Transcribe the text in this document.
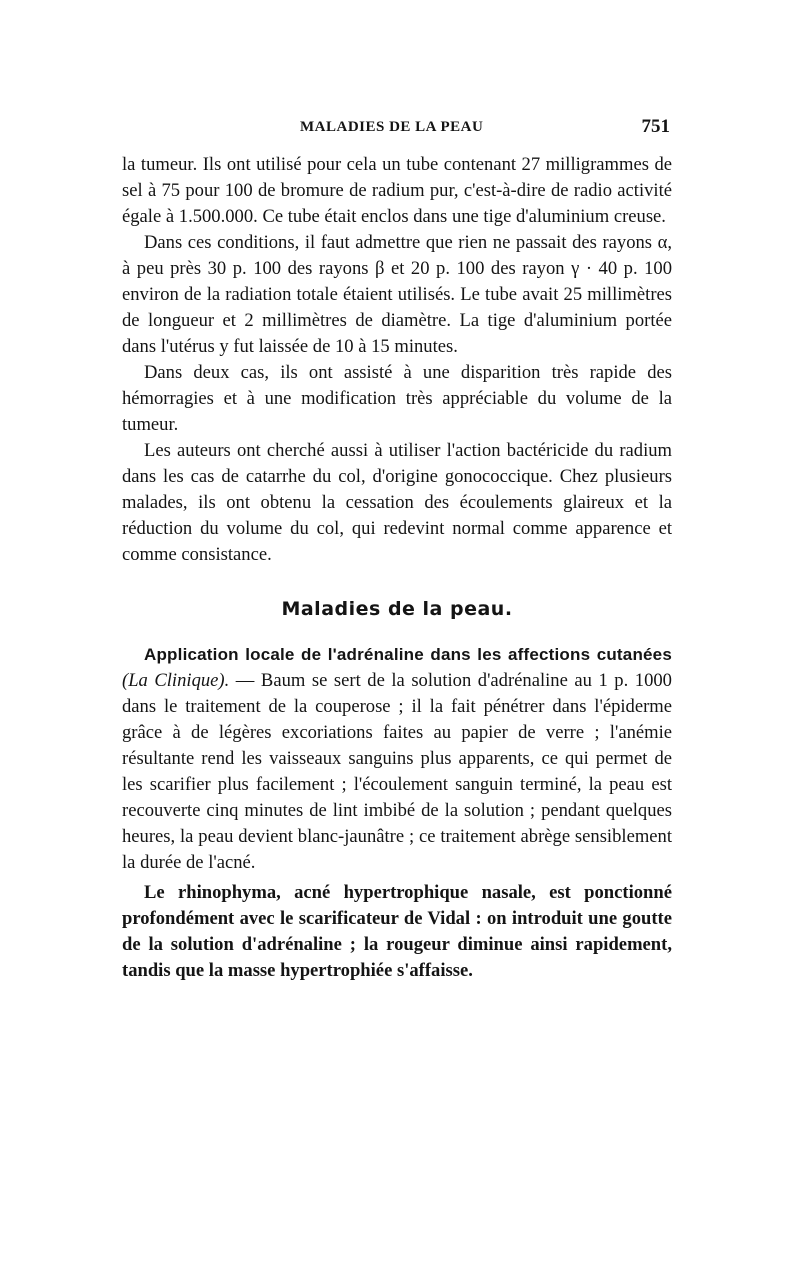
MALADIES DE LA PEAU	751

la tumeur. Ils ont utilisé pour cela un tube contenant 27 milligrammes de sel à 75 pour 100 de bromure de radium pur, c'est-à-dire de radio activité égale à 1.500.000. Ce tube était enclos dans une tige d'aluminium creuse.

Dans ces conditions, il faut admettre que rien ne passait des rayons α, à peu près 30 p. 100 des rayons β et 20 p. 100 des rayon γ · 40 p. 100 environ de la radiation totale étaient utilisés. Le tube avait 25 millimètres de longueur et 2 millimètres de diamètre. La tige d'aluminium portée dans l'utérus y fut laissée de 10 à 15 minutes.

Dans deux cas, ils ont assisté à une disparition très rapide des hémorragies et à une modification très appréciable du volume de la tumeur.

Les auteurs ont cherché aussi à utiliser l'action bactéricide du radium dans les cas de catarrhe du col, d'origine gonococcique. Chez plusieurs malades, ils ont obtenu la cessation des écoulements glaireux et la réduction du volume du col, qui redevint normal comme apparence et comme consistance.

Maladies de la peau.

Application locale de l'adrénaline dans les affections cutanées (La Clinique). — Baum se sert de la solution d'adrénaline au 1 p. 1000 dans le traitement de la couperose ; il la fait pénétrer dans l'épiderme grâce à de légères excoriations faites au papier de verre ; l'anémie résultante rend les vaisseaux sanguins plus apparents, ce qui permet de les scarifier plus facilement ; l'écoulement sanguin terminé, la peau est recouverte cinq minutes de lint imbibé de la solution ; pendant quelques heures, la peau devient blanc-jaunâtre ; ce traitement abrège sensiblement la durée de l'acné.

Le rhinophyma, acné hypertrophique nasale, est ponctionné profondément avec le scarificateur de Vidal : on introduit une goutte de la solution d'adrénaline ; la rougeur diminue ainsi rapidement, tandis que la masse hypertrophiée s'affaisse.
